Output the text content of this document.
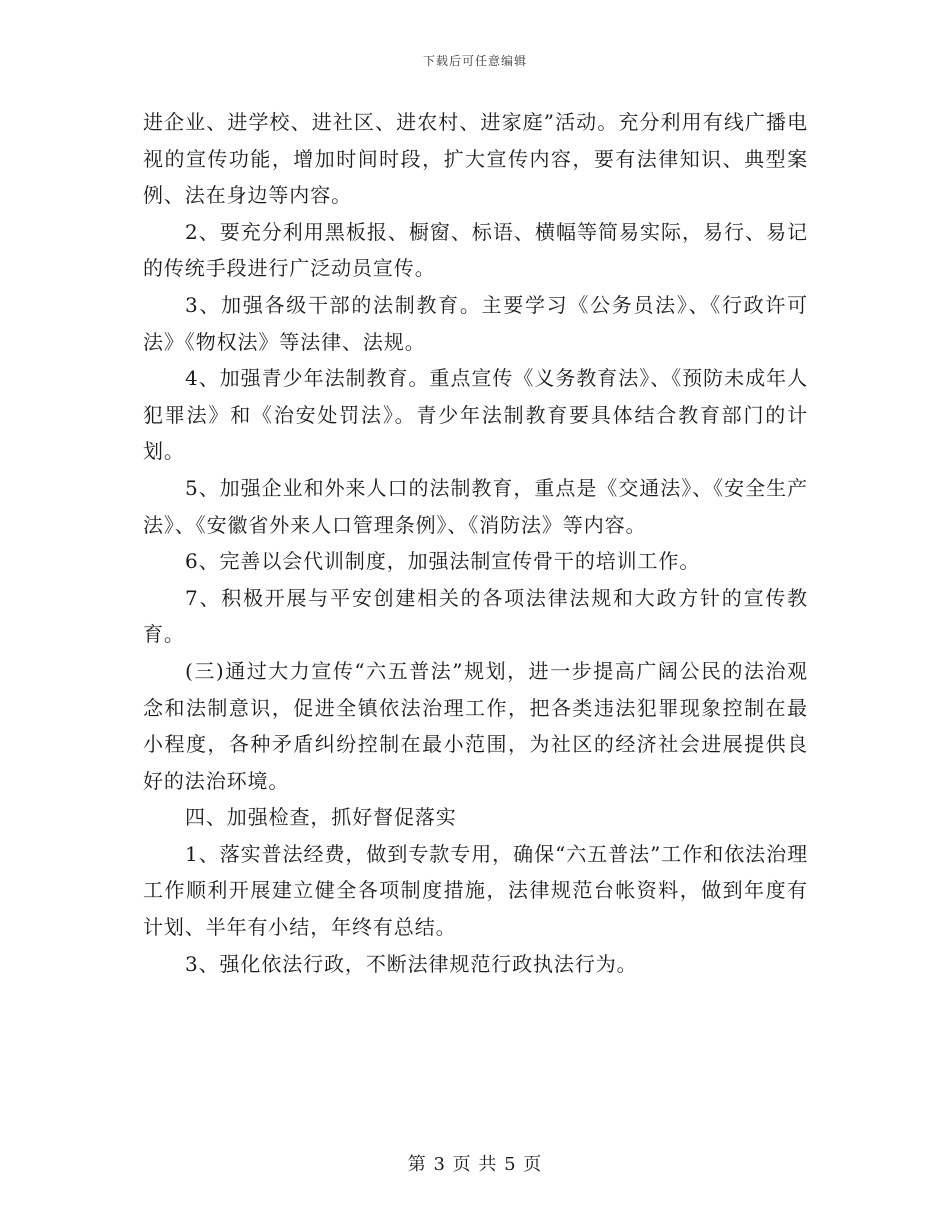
下载后可任意编辑

进企业、进学校、进社区、进农村、进家庭”活动。充分利用有线广播电视的宣传功能，增加时间时段，扩大宣传内容，要有法律知识、典型案例、法在身边等内容。

2、要充分利用黑板报、橱窗、标语、横幅等简易实际，易行、易记的传统手段进行广泛动员宣传。

3、加强各级干部的法制教育。主要学习《公务员法》、《行政许可法》《物权法》等法律、法规。

4、加强青少年法制教育。重点宣传《义务教育法》、《预防未成年人犯罪法》和《治安处罚法》。青少年法制教育要具体结合教育部门的计划。

5、加强企业和外来人口的法制教育，重点是《交通法》、《安全生产法》、《安徽省外来人口管理条例》、《消防法》等内容。

6、完善以会代训制度，加强法制宣传骨干的培训工作。

7、积极开展与平安创建相关的各项法律法规和大政方针的宣传教育。

(三)通过大力宣传“六五普法”规划，进一步提高广阔公民的法治观念和法制意识，促进全镇依法治理工作，把各类违法犯罪现象控制在最小程度，各种矛盾纠纷控制在最小范围，为社区的经济社会进展提供良好的法治环境。

四、加强检查，抓好督促落实

1、落实普法经费，做到专款专用，确保“六五普法”工作和依法治理工作顺利开展建立健全各项制度措施，法律规范台帐资料，做到年度有计划、半年有小结，年终有总结。

3、强化依法行政，不断法律规范行政执法行为。

第 3 页 共 5 页
